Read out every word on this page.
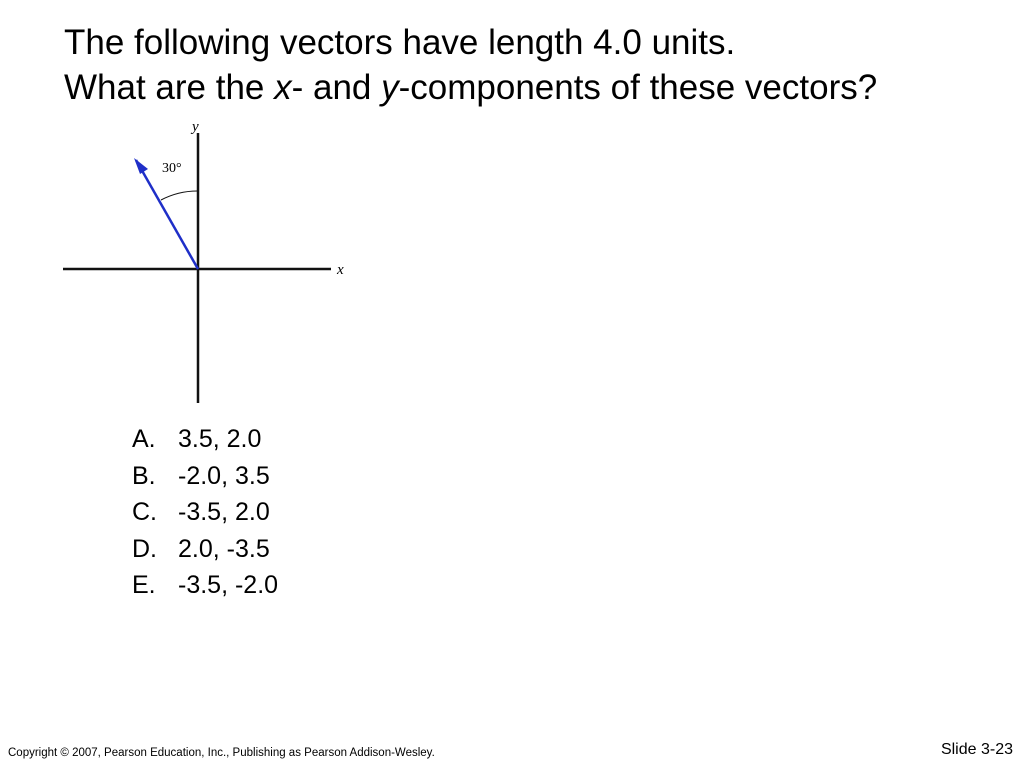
The following vectors have length 4.0 units.
What are the x- and y-components of these vectors?
y
x
30°
A. 3.5, 2.0
B. -2.0, 3.5
C. -3.5, 2.0
D. 2.0, -3.5
E. -3.5, -2.0
Copyright © 2007, Pearson Education, Inc., Publishing as Pearson Addison-Wesley.	Slide 3-23
